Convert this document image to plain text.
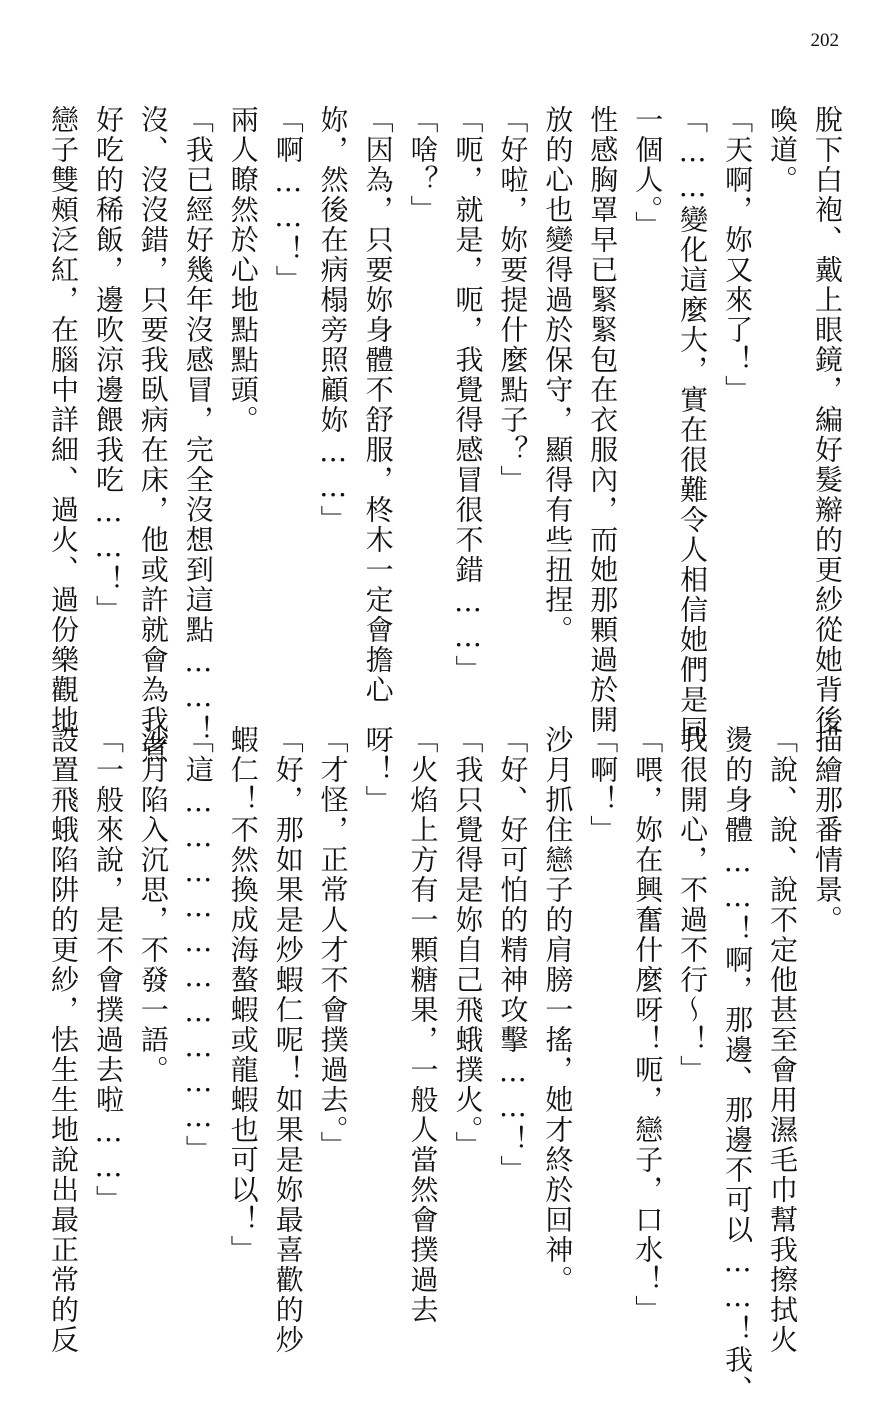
202
脫下白袍、戴上眼鏡，編好髮辮的更紗從她背後
喚道。
「天啊，妳又來了！」
「……變化這麼大，實在很難令人相信她們是同
一個人。」
性感胸罩早已緊緊包在衣服內，而她那顆過於開
放的心也變得過於保守，顯得有些扭捏。
「好啦，妳要提什麼點子？」
「呃，就是，呃，我覺得感冒很不錯……」
「啥？」
「因為，只要妳身體不舒服，柊木一定會擔心
妳，然後在病榻旁照顧妳……」
「啊……！」
兩人瞭然於心地點點頭。
「我已經好幾年沒感冒，完全沒想到這點……！
沒、沒沒錯，只要我臥病在床，他或許就會為我煮
好吃的稀飯，邊吹涼邊餵我吃……！」
戀子雙頰泛紅，在腦中詳細、過火、過份樂觀地
描繪那番情景。
「說、說、說不定他甚至會用濕毛巾幫我擦拭火
燙的身體……！啊，那邊、那邊不可以……！我、
我很開心，不過不行～！」
「喂，妳在興奮什麼呀！呃，戀子，口水！」
「啊！」
沙月抓住戀子的肩膀一搖，她才終於回神。
「好、好可怕的精神攻擊……！」
「我只覺得是妳自己飛蛾撲火。」
「火焰上方有一顆糖果，一般人當然會撲過去
呀！」
「才怪，正常人才不會撲過去。」
「好，那如果是炒蝦仁呢！如果是妳最喜歡的炒
蝦仁！不然換成海螯蝦或龍蝦也可以！」
「這…………………………」
沙月陷入沉思，不發一語。
「一般來說，是不會撲過去啦……」
設置飛蛾陷阱的更紗，怯生生地說出最正常的反
